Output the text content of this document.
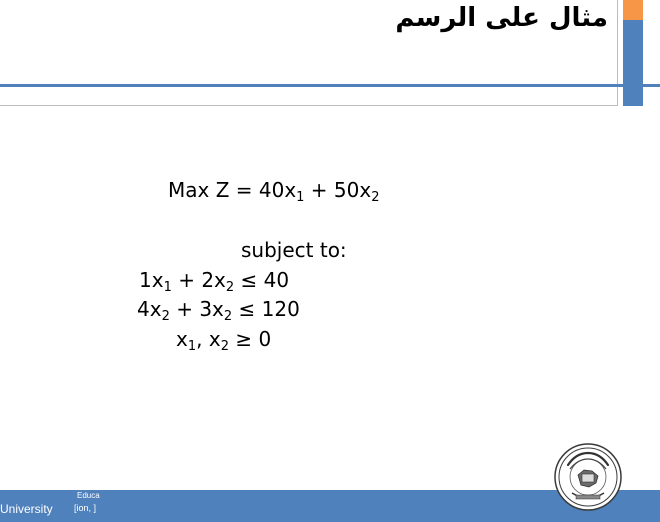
مثال على الرسم
Max $Z = 40x_1 + 50x_2$
subject to:
$1x_1 + 2x_2 \le 40$
$4x_2 + 3x_2 \le 120$
$x_1$, $x_2 \ge 0$
University
Educa
[ion, ]
